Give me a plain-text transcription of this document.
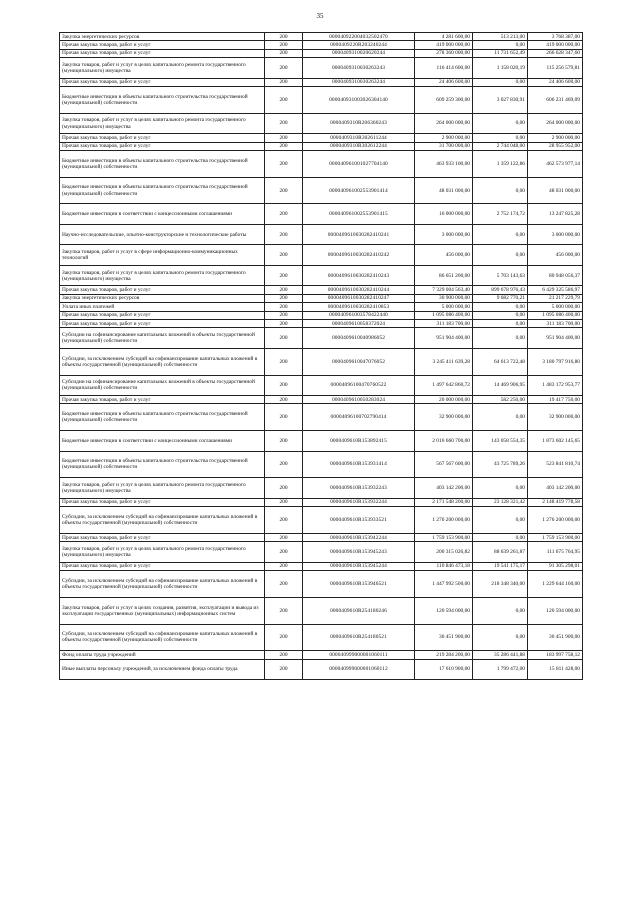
35
Закупка энергетических ресурсов	200	000040922004032502470	4 281 600,00	513 213,00	3 768 387,00
Прочая закупка товаров, работ и услуг	200	0000409220R203240244	419 000 000,00	0,00	419 000 000,00
Прочая закупка товаров, работ и услуг	200	0000409310020620244	278 360 000,00	11 731 652,49	266 628 347,60
Закупка товаров, работ и услуг в целях капитального ремонта государственного (муниципального) имущества	200	0000409310030263243	116 414 600,00	1 158 020,19	115 256 579,81
Прочая закупка товаров, работ и услуг	200	0000409310030263244	24 406 600,00	0,00	24 406 600,00
Бюджетные инвестиции в объекты капитального строительства государственной (муниципальной) собственности	200	000040931003026304140	609 259 300,00	3 027 830,91	606 231 469,09
Закупка товаров, работ и услуг в целях капитального ремонта государственного (муниципального) имущества	200	0000409310R206360243	264 000 000,00	0,00	264 000 000,00
Прочая закупка товаров, работ и услуг	200	0000409310R302611244	2 900 000,00	0,00	2 900 000,00
Прочая закупка товаров, работ и услуг	200	0000409310R302612244	31 700 000,00	2 744 048,00	28 955 952,00
Бюджетные инвестиции в объекты капитального строительства государственной (муниципальной) собственности	200	000040961001027704140	463 933 100,00	1 359 122,86	462 573 977,14
Бюджетные инвестиции в объекты капитального строительства государственной (муниципальной) собственности	200	000040961002553901414	48 031 000,00	0,00	48 031 000,00
Бюджетные инвестиции в соответствии с концессионными соглашениями	200	000040961002553901415	16 000 000,00	2 752 174,72	13 247 825,28
Научно-исследовательские, опытно-конструкторские и технологические работы	200	0000409610030282410241	3 000 000,00	0,00	3 000 000,00
Закупка товаров, работ и услуг в сфере информационно-коммуникационных технологий	200	0000409610030282410242	456 000,00	0,00	456 000,00
Закупка товаров, работ и услуг в целях капитального ремонта государственного (муниципального) имущества	200	0000409610030282410243	86 651 200,00	5 703 143,63	80 948 056,37
Прочая закупка товаров, работ и услуг	200	0000409610030282410244	7 329 004 563,40	899 678 976,43	6 429 325 586,97
Закупка энергетических ресурсов	200	0000409610030282410247	30 900 000,00	9 682 770,21	21 217 229,79
Уплата иных платежей	200	0000409610030282410853	5 000 000,00	0,00	5 000 000,00
Прочая закупка товаров, работ и услуг	200	000040961003578422440	1 095 086 400,00	0,00	1 095 086 400,00
Прочая закупка товаров, работ и услуг	200	0000409610058372024	311 183 700,00	0,00	311 183 700,00
Субсидии на софинансирование капитальных вложений в объекты государственной (муниципальной) собственности	200	0000409610040986052	951 904 400,00	0,00	951 904 400,00
Субсидии, за исключением субсидий на софинансирование капитальных вложений в объекты государственной (муниципальной) собственности	200	0000409610047076052	3 245 411 639,28	64 613 722,48	3 180 797 916,80
Субсидии на софинансирование капитальных вложений в объекты государственной (муниципальной) собственности	200	00004096100470760522	1 497 642 860,72	14 469 906,95	1 483 172 953,77
Прочая закупка товаров, работ и услуг	200	0000409610050283024	20 000 000,00	582 250,00	19 417 750,00
Бюджетные инвестиции в объекты капитального строительства государственной (муниципальной) собственности	200	00004096100702790414	32 900 000,00	0,00	32 900 000,00
Бюджетные инвестиции в соответствии с концессионными соглашениями	200	0000409610R153892415	2 016 660 700,00	143 058 554,35	1 873 602 145,65
Бюджетные инвестиции в объекты капитального строительства государственной (муниципальной) собственности	200	0000409610R153931414	567 567 600,00	43 725 789,26	523 841 810,74
Закупка товаров, работ и услуг в целях капитального ремонта государственного (муниципального) имущества	200	0000409610R153932243	403 142 200,00	0,00	403 142 200,00
Прочая закупка товаров, работ и услуг	200	0000409610R153932244	2 171 548 200,00	23 128 321,42	2 148 419 778,58
Субсидии, за исключением субсидий на софинансирование капитальных вложений в объекты государственной (муниципальной) собственности	200	0000409610R153933521	1 276 200 000,00	0,00	1 276 200 000,00
Прочая закупка товаров, работ и услуг	200	0000409610R153942244	1 759 153 900,00	0,00	1 759 153 900,00
Закупка товаров, работ и услуг в целях капитального ремонта государственного (муниципального) имущества	200	0000409610R153945243	200 315 026,82	88 639 261,87	111 675 764,95
Прочая закупка товаров, работ и услуг	200	0000409610R153945244	110 846 473,18	19 541 175,17	91 305 298,01
Субсидии, за исключением субсидий на софинансирование капитальных вложений в объекты государственной (муниципальной) собственности	200	0000409610R153946521	1 447 992 500,00	218 348 340,00	1 229 644 160,00
Закупка товаров, работ и услуг в целях создания, развития, эксплуатации и вывода из эксплуатации государственных (муниципальных) информационных систем	200	0000409610R254180246	120 594 000,00	0,00	120 594 000,00
Субсидии, за исключением субсидий на софинансирование капитальных вложений в объекты государственной (муниципальной) собственности	200	0000409610R254180521	30 451 900,00	0,00	30 451 900,00
Фонд оплаты труда учреждений	200	000040999000001060111	219 284 200,00	35 286 441,88	183 997 758,12
Иные выплаты персоналу учреждений, за исключением фонда оплаты труда	200	000040999000001060112	17 610 900,00	1 799 472,00	15 811 428,00
